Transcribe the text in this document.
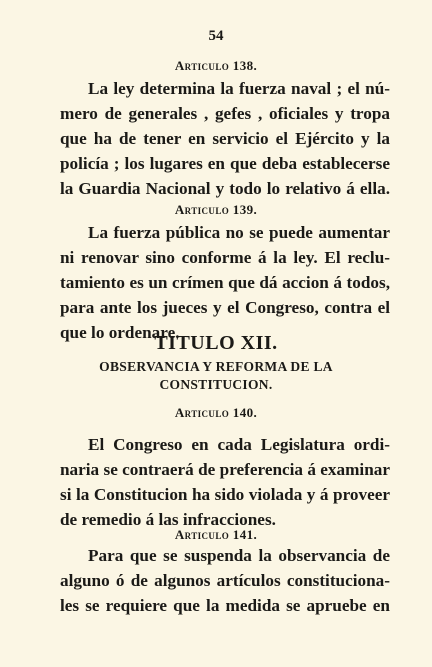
54
Articulo 138.
La ley determina la fuerza naval ; el nú-
mero de generales , gefes , oficiales y tropa
que ha de tener en servicio el Ejército y la
policía ; los lugares en que deba establecerse
la Guardia Nacional y todo lo relativo á ella.
Articulo 139.
La fuerza pública no se puede aumentar
ni renovar sino conforme á la ley. El reclu-
tamiento es un crímen que dá accion á todos,
para ante los jueces y el Congreso, contra el
que lo ordenare.
TITULO XII.
OBSERVANCIA Y REFORMA DE LA
CONSTITUCION.
Articulo 140.
El Congreso en cada Legislatura ordi-
naria se contraerá de preferencia á examinar
si la Constitucion ha sido violada y á proveer
de remedio á las infracciones.
Articulo 141.
Para que se suspenda la observancia de
alguno ó de algunos artículos constituciona-
les se requiere que la medida se apruebe en
